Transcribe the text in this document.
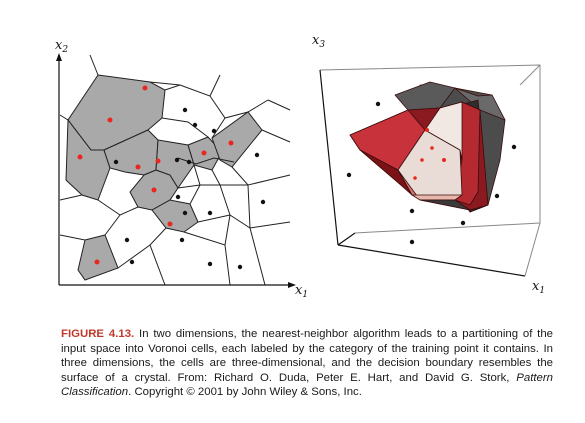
$x_2$
$x_1$
$x_3$
$x_1$
FIGURE 4.13. In two dimensions, the nearest-neighbor algorithm leads to a partitioning of the input space into Voronoi cells, each labeled by the category of the training point it contains. In three dimensions, the cells are three-dimensional, and the decision boundary resembles the surface of a crystal. From: Richard O. Duda, Peter E. Hart, and David G. Stork, Pattern Classification. Copyright © 2001 by John Wiley & Sons, Inc.
